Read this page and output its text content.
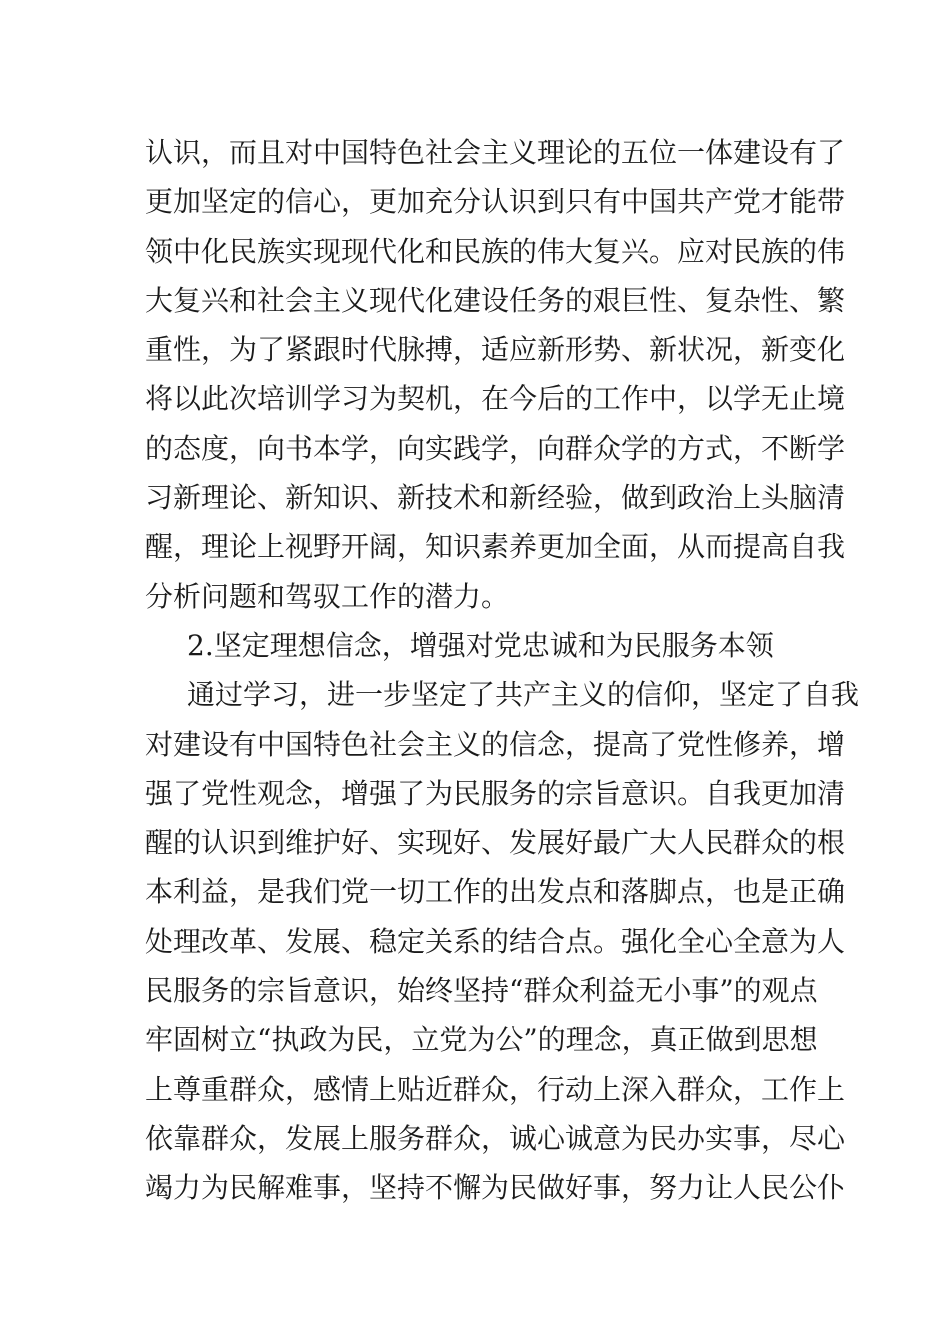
认识，而且对中国特色社会主义理论的五位一体建设有了
更加坚定的信心，更加充分认识到只有中国共产党才能带
领中化民族实现现代化和民族的伟大复兴。应对民族的伟
大复兴和社会主义现代化建设任务的艰巨性、复杂性、繁
重性，为了紧跟时代脉搏，适应新形势、新状况，新变化
将以此次培训学习为契机，在今后的工作中，以学无止境
的态度，向书本学，向实践学，向群众学的方式，不断学
习新理论、新知识、新技术和新经验，做到政治上头脑清
醒，理论上视野开阔，知识素养更加全面，从而提高自我
分析问题和驾驭工作的潜力。
2.坚定理想信念，增强对党忠诚和为民服务本领
通过学习，进一步坚定了共产主义的信仰，坚定了自我
对建设有中国特色社会主义的信念，提高了党性修养，增
强了党性观念，增强了为民服务的宗旨意识。自我更加清
醒的认识到维护好、实现好、发展好最广大人民群众的根
本利益，是我们党一切工作的出发点和落脚点，也是正确
处理改革、发展、稳定关系的结合点。强化全心全意为人
民服务的宗旨意识，始终坚持“群众利益无小事”的观点
牢固树立“执政为民，立党为公”的理念，真正做到思想
上尊重群众，感情上贴近群众，行动上深入群众，工作上
依靠群众，发展上服务群众，诚心诚意为民办实事，尽心
竭力为民解难事，坚持不懈为民做好事，努力让人民公仆
